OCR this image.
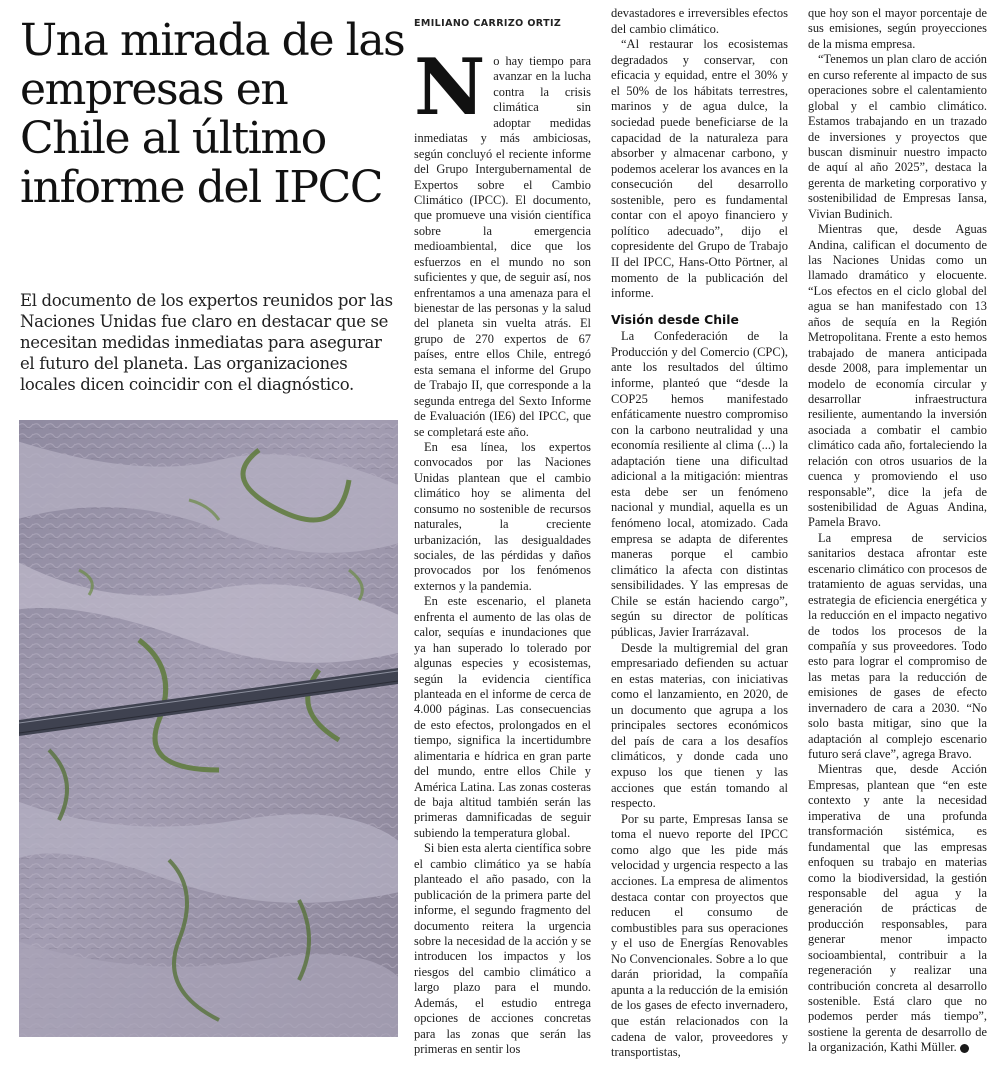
Una mirada de las empresas en Chile al último informe del IPCC

El documento de los expertos reunidos por las Naciones Unidas fue claro en destacar que se necesitan medidas inmediatas para asegurar el futuro del planeta. Las organizaciones locales dicen coincidir con el diagnóstico.

EMILIANO CARRIZO ORTIZ

No hay tiempo para avanzar en la lucha contra la crisis climática sin adoptar medidas inmediatas y más ambiciosas, según concluyó el reciente informe del Grupo Intergubernamental de Expertos sobre el Cambio Climático (IPCC). El documento, que promueve una visión científica sobre la emergencia medioambiental, dice que los esfuerzos en el mundo no son suficientes y que, de seguir así, nos enfrentamos a una amenaza para el bienestar de las personas y la salud del planeta sin vuelta atrás. El grupo de 270 expertos de 67 países, entre ellos Chile, entregó esta semana el informe del Grupo de Trabajo II, que corresponde a la segunda entrega del Sexto Informe de Evaluación (IE6) del IPCC, que se completará este año.

En esa línea, los expertos convocados por las Naciones Unidas plantean que el cambio climático hoy se alimenta del consumo no sostenible de recursos naturales, la creciente urbanización, las desigualdades sociales, de las pérdidas y daños provocados por los fenómenos externos y la pandemia.

En este escenario, el planeta enfrenta el aumento de las olas de calor, sequías e inundaciones que ya han superado lo tolerado por algunas especies y ecosistemas, según la evidencia científica planteada en el informe de cerca de 4.000 páginas. Las consecuencias de esto efectos, prolongados en el tiempo, significa la incertidumbre alimentaria e hídrica en gran parte del mundo, entre ellos Chile y América Latina. Las zonas costeras de baja altitud también serán las primeras damnificadas de seguir subiendo la temperatura global.

Si bien esta alerta científica sobre el cambio climático ya se había planteado el año pasado, con la publicación de la primera parte del informe, el segundo fragmento del documento reitera la urgencia sobre la necesidad de la acción y se introducen los impactos y los riesgos del cambio climático a largo plazo para el mundo. Además, el estudio entrega opciones de acciones concretas para las zonas que serán las primeras en sentir los

devastadores e irreversibles efectos del cambio climático.

“Al restaurar los ecosistemas degradados y conservar, con eficacia y equidad, entre el 30% y el 50% de los hábitats terrestres, marinos y de agua dulce, la sociedad puede beneficiarse de la capacidad de la naturaleza para absorber y almacenar carbono, y podemos acelerar los avances en la consecución del desarrollo sostenible, pero es fundamental contar con el apoyo financiero y político adecuado”, dijo el copresidente del Grupo de Trabajo II del IPCC, Hans-Otto Pörtner, al momento de la publicación del informe.

Visión desde Chile

La Confederación de la Producción y del Comercio (CPC), ante los resultados del último informe, planteó que “desde la COP25 hemos manifestado enfáticamente nuestro compromiso con la carbono neutralidad y una economía resiliente al clima (...) la adaptación tiene una dificultad adicional a la mitigación: mientras esta debe ser un fenómeno nacional y mundial, aquella es un fenómeno local, atomizado. Cada empresa se adapta de diferentes maneras porque el cambio climático la afecta con distintas sensibilidades. Y las empresas de Chile se están haciendo cargo”, según su director de políticas públicas, Javier Irarrázaval.

Desde la multigremial del gran empresariado defienden su actuar en estas materias, con iniciativas como el lanzamiento, en 2020, de un documento que agrupa a los principales sectores económicos del país de cara a los desafíos climáticos, y donde cada uno expuso los que tienen y las acciones que están tomando al respecto.

Por su parte, Empresas Iansa se toma el nuevo reporte del IPCC como algo que les pide más velocidad y urgencia respecto a las acciones. La empresa de alimentos destaca contar con proyectos que reducen el consumo de combustibles para sus operaciones y el uso de Energías Renovables No Convencionales. Sobre a lo que darán prioridad, la compañía apunta a la reducción de la emisión de los gases de efecto invernadero, que están relacionados con la cadena de valor, proveedores y transportistas,

que hoy son el mayor porcentaje de sus emisiones, según proyecciones de la misma empresa.

“Tenemos un plan claro de acción en curso referente al impacto de sus operaciones sobre el calentamiento global y el cambio climático. Estamos trabajando en un trazado de inversiones y proyectos que buscan disminuir nuestro impacto de aquí al año 2025”, destaca la gerenta de marketing corporativo y sostenibilidad de Empresas Iansa, Vivian Budinich.

Mientras que, desde Aguas Andina, califican el documento de las Naciones Unidas como un llamado dramático y elocuente. “Los efectos en el ciclo global del agua se han manifestado con 13 años de sequía en la Región Metropolitana. Frente a esto hemos trabajado de manera anticipada desde 2008, para implementar un modelo de economía circular y desarrollar infraestructura resiliente, aumentando la inversión asociada a combatir el cambio climático cada año, fortaleciendo la relación con otros usuarios de la cuenca y promoviendo el uso responsable”, dice la jefa de sostenibilidad de Aguas Andina, Pamela Bravo.

La empresa de servicios sanitarios destaca afrontar este escenario climático con procesos de tratamiento de aguas servidas, una estrategia de eficiencia energética y la reducción en el impacto negativo de todos los procesos de la compañía y sus proveedores. Todo esto para lograr el compromiso de las metas para la reducción de emisiones de gases de efecto invernadero de cara a 2030. “No solo basta mitigar, sino que la adaptación al complejo escenario futuro será clave”, agrega Bravo.

Mientras que, desde Acción Empresas, plantean que “en este contexto y ante la necesidad imperativa de una profunda transformación sistémica, es fundamental que las empresas enfoquen su trabajo en materias como la biodiversidad, la gestión responsable del agua y la generación de prácticas de producción responsables, para generar menor impacto socioambiental, contribuir a la regeneración y realizar una contribución concreta al desarrollo sostenible. Está claro que no podemos perder más tiempo”, sostiene la gerenta de desarrollo de la organización, Kathi Müller.
